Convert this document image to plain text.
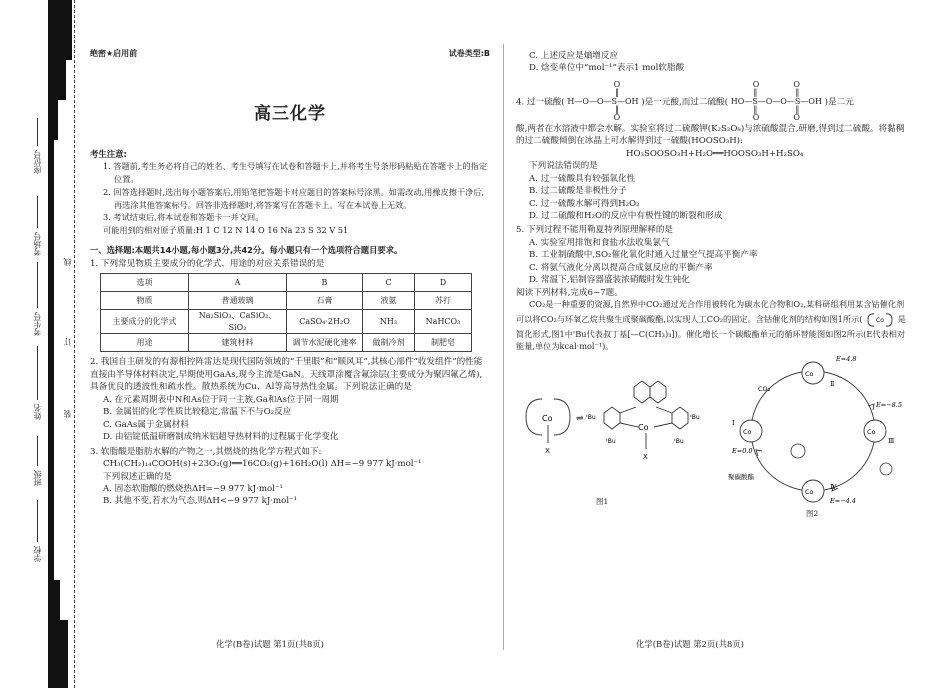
座位号
考场号
考生号
姓名
班级
学校
线
订
装
绝密★启用前	试卷类型:B
高三化学
考生注意:
1. 答题前,考生务必将自己的姓名、考生号填写在试卷和答题卡上,并将考生号条形码粘贴在答题卡上的指定位置。
2. 回答选择题时,选出每小题答案后,用铅笔把答题卡对应题目的答案标号涂黑。如需改动,用橡皮擦干净后,再选涂其他答案标号。回答非选择题时,将答案写在答题卡上。写在本试卷上无效。
3. 考试结束后,将本试卷和答题卡一并交回。
可能用到的相对原子质量:H 1 C 12 N 14 O 16 Na 23 S 32 V 51
一、选择题:本题共14小题,每小题3分,共42分。每小题只有一个选项符合题目要求。

1. 下列常见物质主要成分的化学式、用途的对应关系错误的是

选项	A	B	C	D
物质	普通玻璃	石膏	液氨	苏打
主要成分的化学式	Na₂SiO₃、CaSiO₃、SiO₂	CaSO₄·2H₂O	NH₃	NaHCO₃
用途	建筑材料	调节水泥硬化速率	做制冷剂	制肥皂

2. 我国自主研发的有源相控阵雷达是现代国防领域的“千里眼”和“顺风耳”,其核心部件“收发组件”的性能直接由半导体材料决定,早期使用GaAs,现今主流是GaN。天线罩涂覆含氟涂层(主要成分为聚四氟乙烯),具备优良的透波性和疏水性。散热系统为Cu、Al等高导热性金属。下列说法正确的是

A. 在元素周期表中N和As位于同一主族,Ga和As位于同一周期

B. 金属铝的化学性质比较稳定,常温下不与O₂反应

C. GaAs属于金属材料

D. 由铝锭低温研磨制成纳米铝超导热材料的过程属于化学变化

3. 软脂酸是脂肪水解的产物之一,其燃烧的热化学方程式如下:

CH₃(CH₂)₁₄COOH(s)+23O₂(g)══16CO₂(g)+16H₂O(l) ΔH=−9 977 kJ·mol⁻¹

下列叙述正确的是

A. 固态软脂酸的燃烧热ΔH=−9 977 kJ·mol⁻¹

B. 其他不变,若水为气态,则ΔH<−9 977 kJ·mol⁻¹

化学(B卷)试题 第1页(共8页)

C. 上述反应是熵增反应

D. 焓变单位中“mol⁻¹”表示1 mol软脂酸

4. 过一硫酸( O
‖
H—O—O—S—OH
‖
O )是一元酸,而过二硫酸( O	O
‖	‖
HO—S—O—O—S—OH
‖	‖
O	O )是二元

酸,两者在水溶液中都会水解。实验室将过二硫酸钾(K₂S₂O₈)与浓硫酸混合,研磨,得到过二硫酸。将黏稠的过二硫酸倾倒在冰晶上可水解得到过一硫酸(HOOSO₃H):

HO₃SOOSO₃H+H₂O══HOOSO₃H+H₂SO₄

下列说法错误的是

A. 过一硫酸具有较强氧化性

B. 过二硫酸是非极性分子

C. 过一硫酸水解可得到H₂O₂

D. 过二硫酸和H₂O的反应中有极性键的断裂和形成

5. 下列过程不能用勒夏特列原理解释的是

A. 实验室用排饱和食盐水法收集氯气

B. 工业制硫酸中,SO₂催化氧化时通入过量空气提高平衡产率

C. 将氨气液化分离以提高合成氨反应的平衡产率

D. 常温下,铝制容器盛装浓硝酸时发生钝化

阅读下列材料,完成6~7题。

CO₂是一种重要的资源,自然界中CO₂通过光合作用被转化为碳水化合物和O₂,某科研组利用某含钴催化剂可以将CO₂与环氧乙烷共聚生成聚碳酸酯,以实现人工CO₂的固定。含钴催化剂的结构如图1所示( Co 是简化形式,图1中'Bu代表叔丁基[—C(CH₃)₃])。催化增长一个碳酸酯单元的循环替能图如图2所示(E代表相对能量,单位为kcal·mol⁻¹)。

Co
X
⇌
Co
X
ᵗBu	ᵗBu
ᵗBu	ᵗBu
图1
Co
Ⅱ
Co
Ⅲ
Co
Ⅳ
Co
Ⅰ
CO₂
E=4.8
E=−8.5
E=0.0
E=−4.4
聚碳酸酯
图2
化学(B卷)试题 第2页(共8页)
